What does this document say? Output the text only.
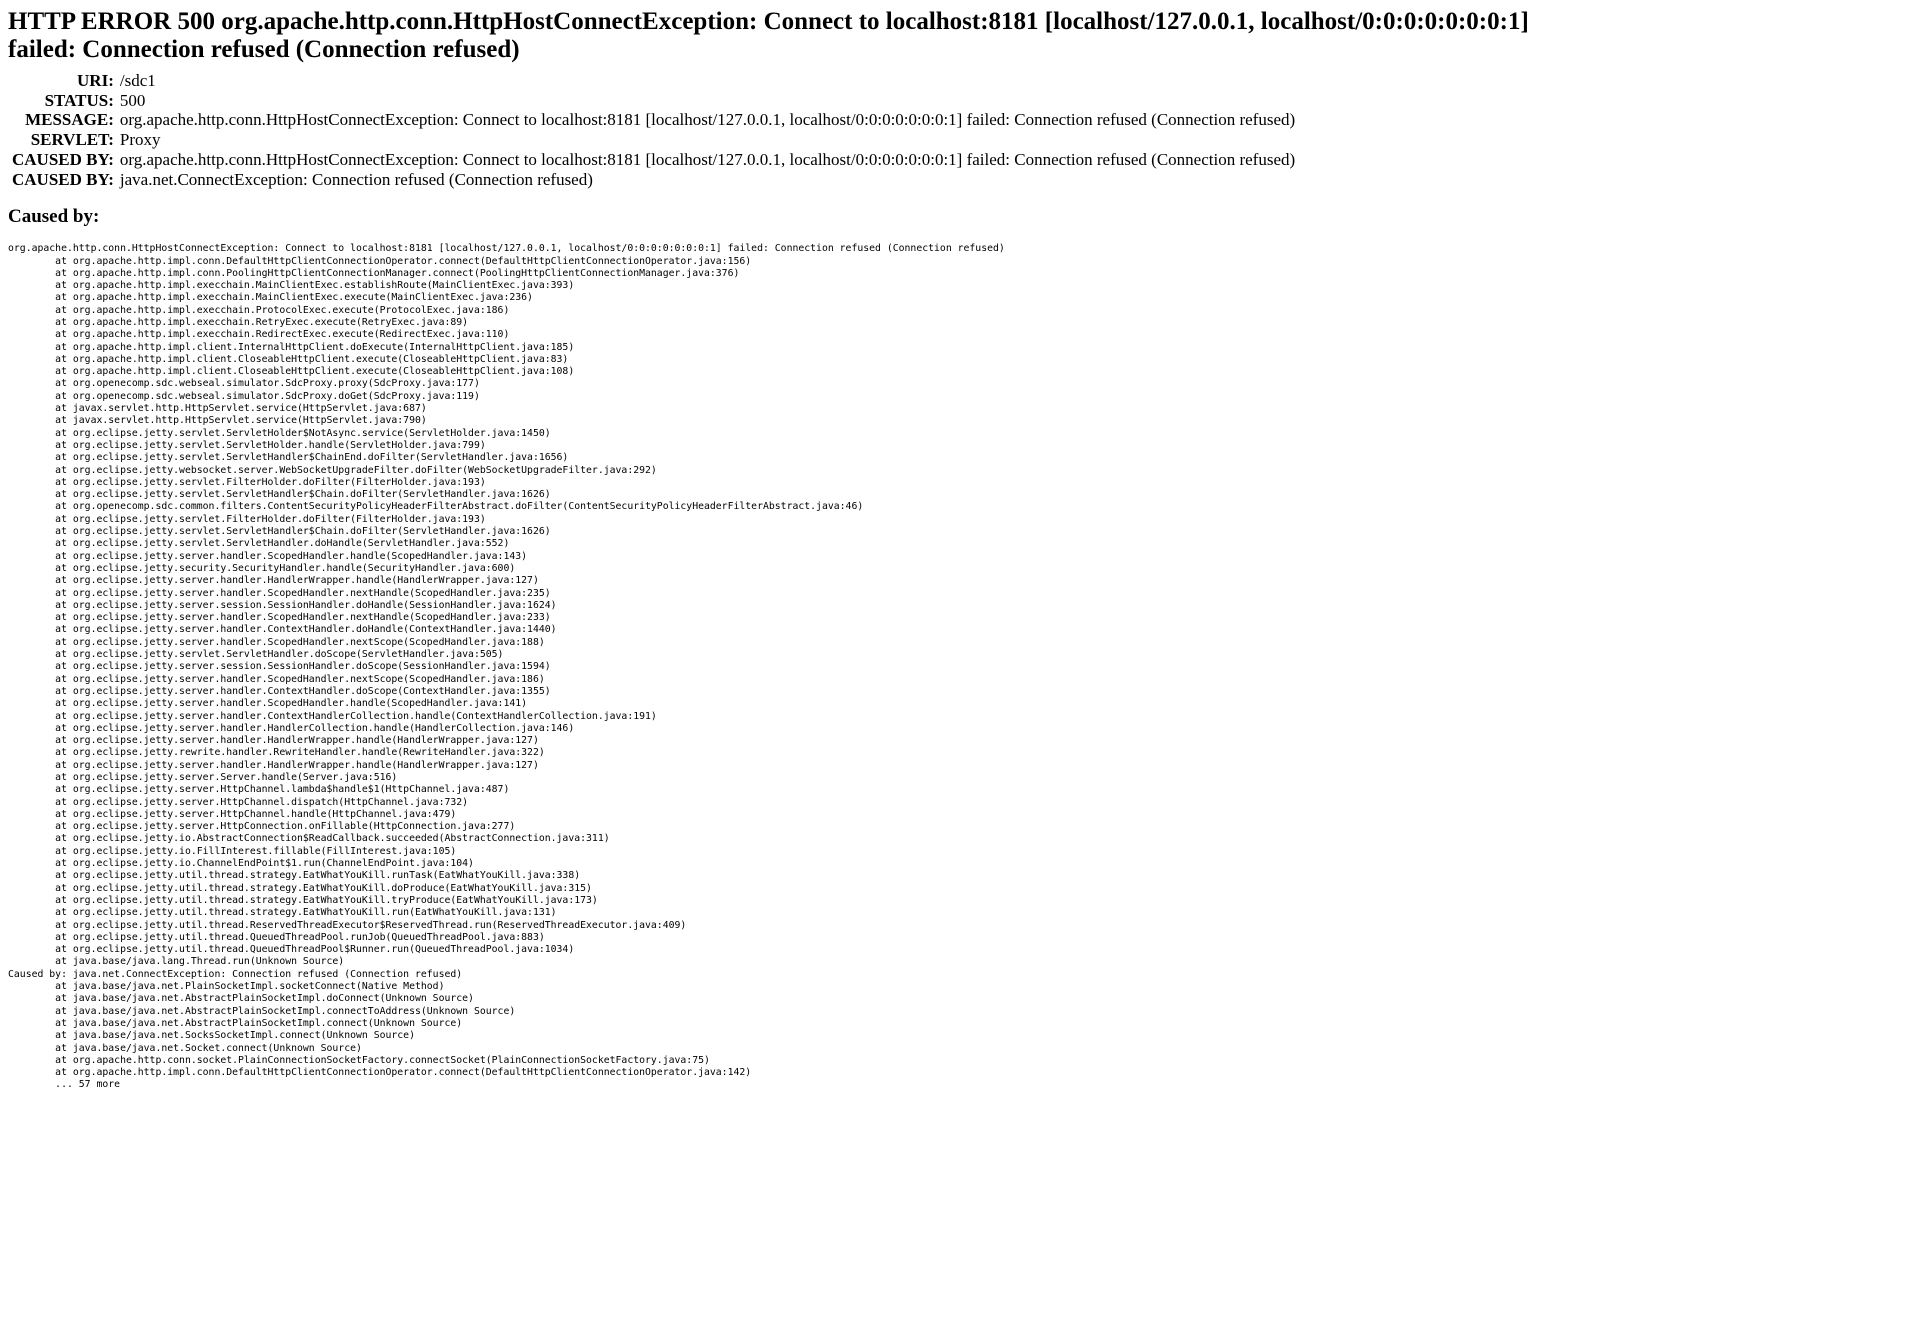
HTTP ERROR 500 org.apache.http.conn.HttpHostConnectException: Connect to localhost:8181 [localhost/127.0.0.1, localhost/0:0:0:0:0:0:0:1] failed: Connection refused (Connection refused)
URI:	/sdc1
STATUS:	500
MESSAGE:	org.apache.http.conn.HttpHostConnectException: Connect to localhost:8181 [localhost/127.0.0.1, localhost/0:0:0:0:0:0:0:1] failed: Connection refused (Connection refused)
SERVLET:	Proxy
CAUSED BY:	org.apache.http.conn.HttpHostConnectException: Connect to localhost:8181 [localhost/127.0.0.1, localhost/0:0:0:0:0:0:0:1] failed: Connection refused (Connection refused)
CAUSED BY:	java.net.ConnectException: Connection refused (Connection refused)
Caused by:
org.apache.http.conn.HttpHostConnectException: Connect to localhost:8181 [localhost/127.0.0.1, localhost/0:0:0:0:0:0:0:1] failed: Connection refused (Connection refused)
at org.apache.http.impl.conn.DefaultHttpClientConnectionOperator.connect(DefaultHttpClientConnectionOperator.java:156)
at org.apache.http.impl.conn.PoolingHttpClientConnectionManager.connect(PoolingHttpClientConnectionManager.java:376)
at org.apache.http.impl.execchain.MainClientExec.establishRoute(MainClientExec.java:393)
at org.apache.http.impl.execchain.MainClientExec.execute(MainClientExec.java:236)
at org.apache.http.impl.execchain.ProtocolExec.execute(ProtocolExec.java:186)
at org.apache.http.impl.execchain.RetryExec.execute(RetryExec.java:89)
at org.apache.http.impl.execchain.RedirectExec.execute(RedirectExec.java:110)
at org.apache.http.impl.client.InternalHttpClient.doExecute(InternalHttpClient.java:185)
at org.apache.http.impl.client.CloseableHttpClient.execute(CloseableHttpClient.java:83)
at org.apache.http.impl.client.CloseableHttpClient.execute(CloseableHttpClient.java:108)
at org.openecomp.sdc.webseal.simulator.SdcProxy.proxy(SdcProxy.java:177)
at org.openecomp.sdc.webseal.simulator.SdcProxy.doGet(SdcProxy.java:119)
at javax.servlet.http.HttpServlet.service(HttpServlet.java:687)
at javax.servlet.http.HttpServlet.service(HttpServlet.java:790)
at org.eclipse.jetty.servlet.ServletHolder$NotAsync.service(ServletHolder.java:1450)
at org.eclipse.jetty.servlet.ServletHolder.handle(ServletHolder.java:799)
at org.eclipse.jetty.servlet.ServletHandler$ChainEnd.doFilter(ServletHandler.java:1656)
at org.eclipse.jetty.websocket.server.WebSocketUpgradeFilter.doFilter(WebSocketUpgradeFilter.java:292)
at org.eclipse.jetty.servlet.FilterHolder.doFilter(FilterHolder.java:193)
at org.eclipse.jetty.servlet.ServletHandler$Chain.doFilter(ServletHandler.java:1626)
at org.openecomp.sdc.common.filters.ContentSecurityPolicyHeaderFilterAbstract.doFilter(ContentSecurityPolicyHeaderFilterAbstract.java:46)
at org.eclipse.jetty.servlet.FilterHolder.doFilter(FilterHolder.java:193)
at org.eclipse.jetty.servlet.ServletHandler$Chain.doFilter(ServletHandler.java:1626)
at org.eclipse.jetty.servlet.ServletHandler.doHandle(ServletHandler.java:552)
at org.eclipse.jetty.server.handler.ScopedHandler.handle(ScopedHandler.java:143)
at org.eclipse.jetty.security.SecurityHandler.handle(SecurityHandler.java:600)
at org.eclipse.jetty.server.handler.HandlerWrapper.handle(HandlerWrapper.java:127)
at org.eclipse.jetty.server.handler.ScopedHandler.nextHandle(ScopedHandler.java:235)
at org.eclipse.jetty.server.session.SessionHandler.doHandle(SessionHandler.java:1624)
at org.eclipse.jetty.server.handler.ScopedHandler.nextHandle(ScopedHandler.java:233)
at org.eclipse.jetty.server.handler.ContextHandler.doHandle(ContextHandler.java:1440)
at org.eclipse.jetty.server.handler.ScopedHandler.nextScope(ScopedHandler.java:188)
at org.eclipse.jetty.servlet.ServletHandler.doScope(ServletHandler.java:505)
at org.eclipse.jetty.server.session.SessionHandler.doScope(SessionHandler.java:1594)
at org.eclipse.jetty.server.handler.ScopedHandler.nextScope(ScopedHandler.java:186)
at org.eclipse.jetty.server.handler.ContextHandler.doScope(ContextHandler.java:1355)
at org.eclipse.jetty.server.handler.ScopedHandler.handle(ScopedHandler.java:141)
at org.eclipse.jetty.server.handler.ContextHandlerCollection.handle(ContextHandlerCollection.java:191)
at org.eclipse.jetty.server.handler.HandlerCollection.handle(HandlerCollection.java:146)
at org.eclipse.jetty.server.handler.HandlerWrapper.handle(HandlerWrapper.java:127)
at org.eclipse.jetty.rewrite.handler.RewriteHandler.handle(RewriteHandler.java:322)
at org.eclipse.jetty.server.handler.HandlerWrapper.handle(HandlerWrapper.java:127)
at org.eclipse.jetty.server.Server.handle(Server.java:516)
at org.eclipse.jetty.server.HttpChannel.lambda$handle$1(HttpChannel.java:487)
at org.eclipse.jetty.server.HttpChannel.dispatch(HttpChannel.java:732)
at org.eclipse.jetty.server.HttpChannel.handle(HttpChannel.java:479)
at org.eclipse.jetty.server.HttpConnection.onFillable(HttpConnection.java:277)
at org.eclipse.jetty.io.AbstractConnection$ReadCallback.succeeded(AbstractConnection.java:311)
at org.eclipse.jetty.io.FillInterest.fillable(FillInterest.java:105)
at org.eclipse.jetty.io.ChannelEndPoint$1.run(ChannelEndPoint.java:104)
at org.eclipse.jetty.util.thread.strategy.EatWhatYouKill.runTask(EatWhatYouKill.java:338)
at org.eclipse.jetty.util.thread.strategy.EatWhatYouKill.doProduce(EatWhatYouKill.java:315)
at org.eclipse.jetty.util.thread.strategy.EatWhatYouKill.tryProduce(EatWhatYouKill.java:173)
at org.eclipse.jetty.util.thread.strategy.EatWhatYouKill.run(EatWhatYouKill.java:131)
at org.eclipse.jetty.util.thread.ReservedThreadExecutor$ReservedThread.run(ReservedThreadExecutor.java:409)
at org.eclipse.jetty.util.thread.QueuedThreadPool.runJob(QueuedThreadPool.java:883)
at org.eclipse.jetty.util.thread.QueuedThreadPool$Runner.run(QueuedThreadPool.java:1034)
at java.base/java.lang.Thread.run(Unknown Source)
Caused by: java.net.ConnectException: Connection refused (Connection refused)
at java.base/java.net.PlainSocketImpl.socketConnect(Native Method)
at java.base/java.net.AbstractPlainSocketImpl.doConnect(Unknown Source)
at java.base/java.net.AbstractPlainSocketImpl.connectToAddress(Unknown Source)
at java.base/java.net.AbstractPlainSocketImpl.connect(Unknown Source)
at java.base/java.net.SocksSocketImpl.connect(Unknown Source)
at java.base/java.net.Socket.connect(Unknown Source)
at org.apache.http.conn.socket.PlainConnectionSocketFactory.connectSocket(PlainConnectionSocketFactory.java:75)
at org.apache.http.impl.conn.DefaultHttpClientConnectionOperator.connect(DefaultHttpClientConnectionOperator.java:142)
... 57 more
